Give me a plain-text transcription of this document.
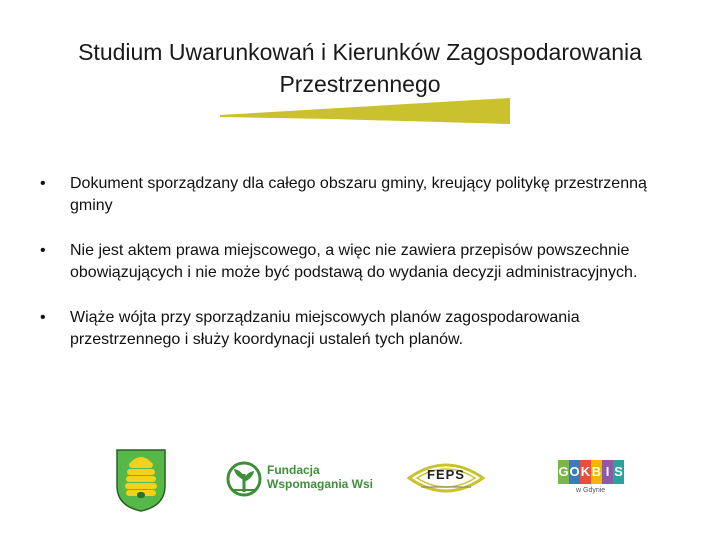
Studium Uwarunkowań i Kierunków Zagospodarowania
Przestrzennego
• Dokument sporządzany dla całego obszaru gminy, kreujący politykę przestrzenną gminy
• Nie jest aktem prawa miejscowego, a więc nie zawiera przepisów powszechnie obowiązujących i nie może być podstawą do wydania decyzji administracyjnych.
• Wiąże wójta przy sporządzaniu miejscowych planów zagospodarowania przestrzennego i służy koordynacji ustaleń tych planów.
Fundacja
Wspomagania Wsi
FEPS	G O K B I S
w Gdynie
